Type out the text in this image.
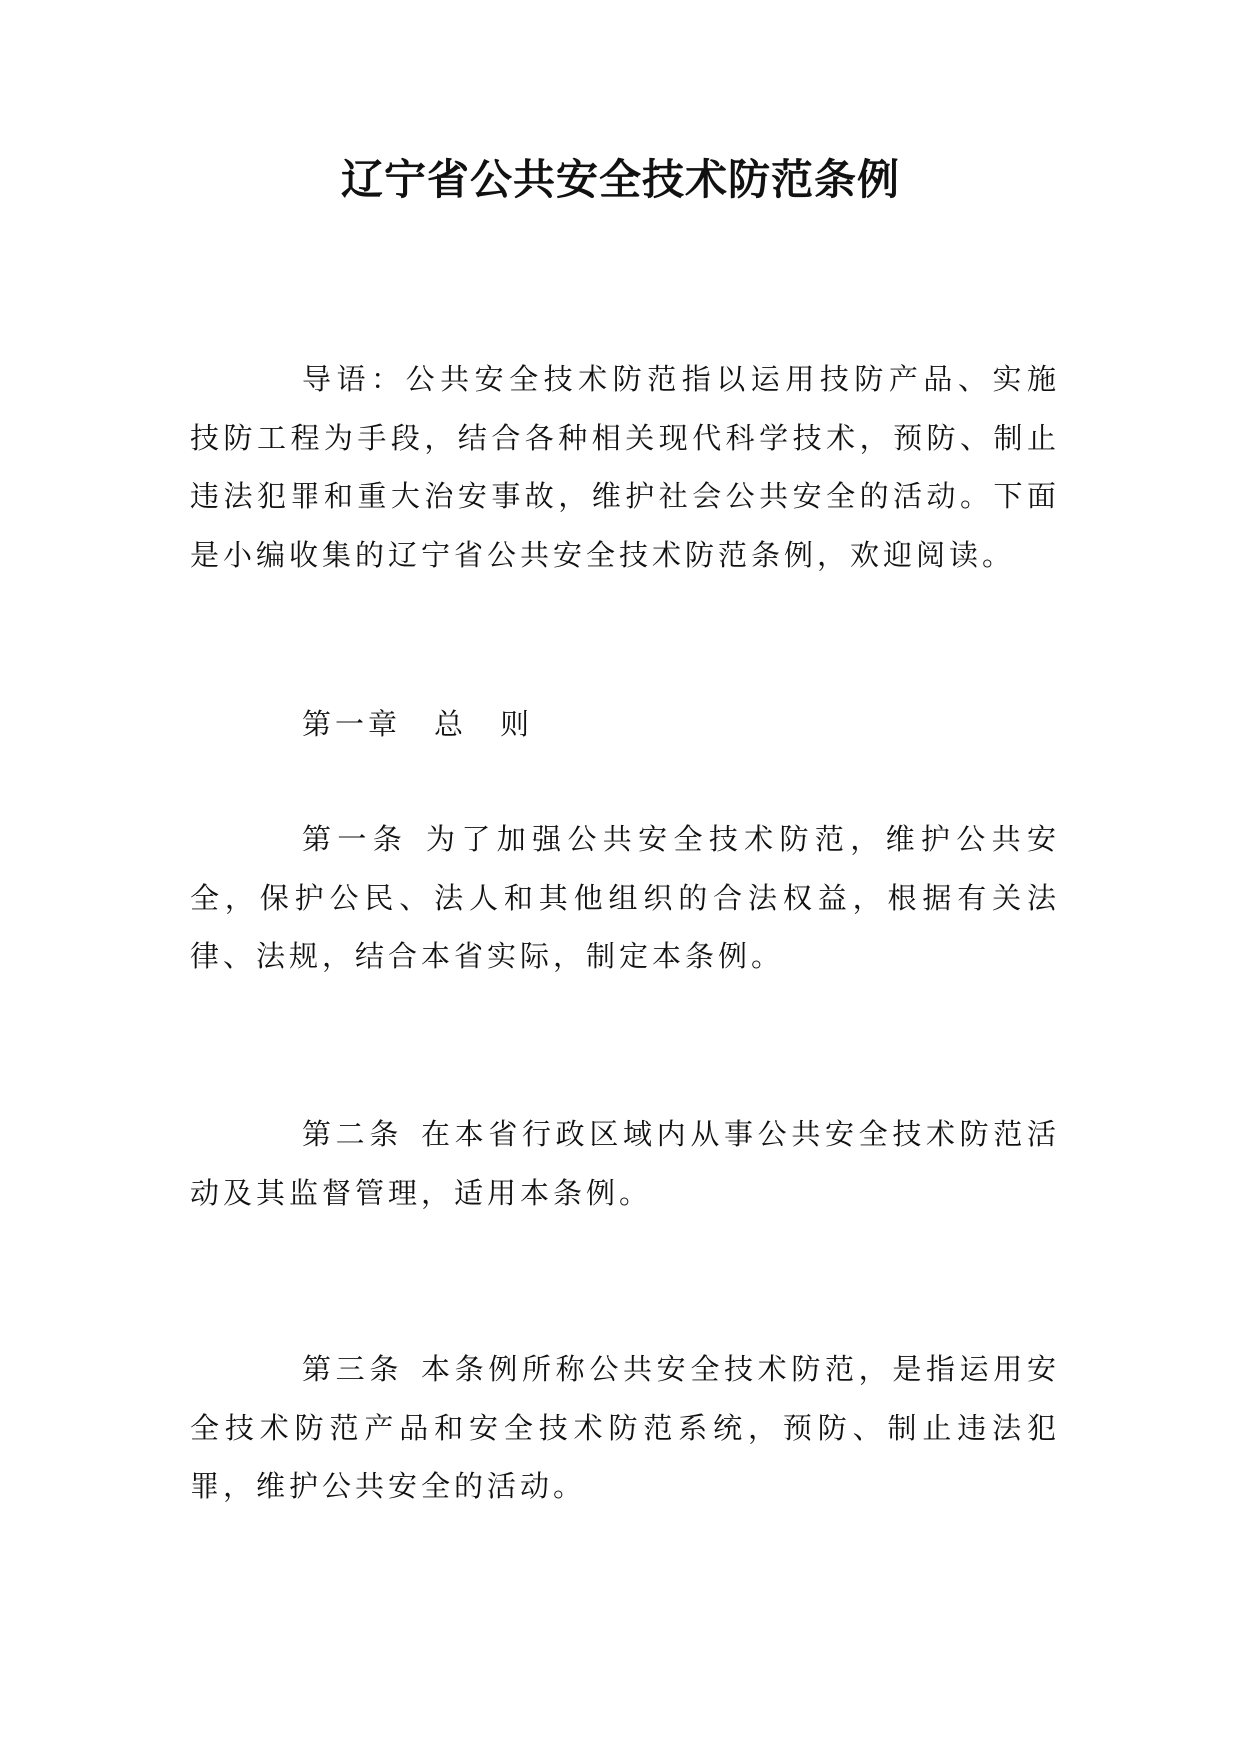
辽宁省公共安全技术防范条例

导语：公共安全技术防范指以运用技防产品、实施技防工程为手段，结合各种相关现代科学技术，预防、制止违法犯罪和重大治安事故，维护社会公共安全的活动。下面是小编收集的辽宁省公共安全技术防范条例，欢迎阅读。

第一章　总　则

第一条 为了加强公共安全技术防范，维护公共安全，保护公民、法人和其他组织的合法权益，根据有关法律、法规，结合本省实际，制定本条例。

第二条 在本省行政区域内从事公共安全技术防范活动及其监督管理，适用本条例。

第三条 本条例所称公共安全技术防范，是指运用安全技术防范产品和安全技术防范系统，预防、制止违法犯罪，维护公共安全的活动。
